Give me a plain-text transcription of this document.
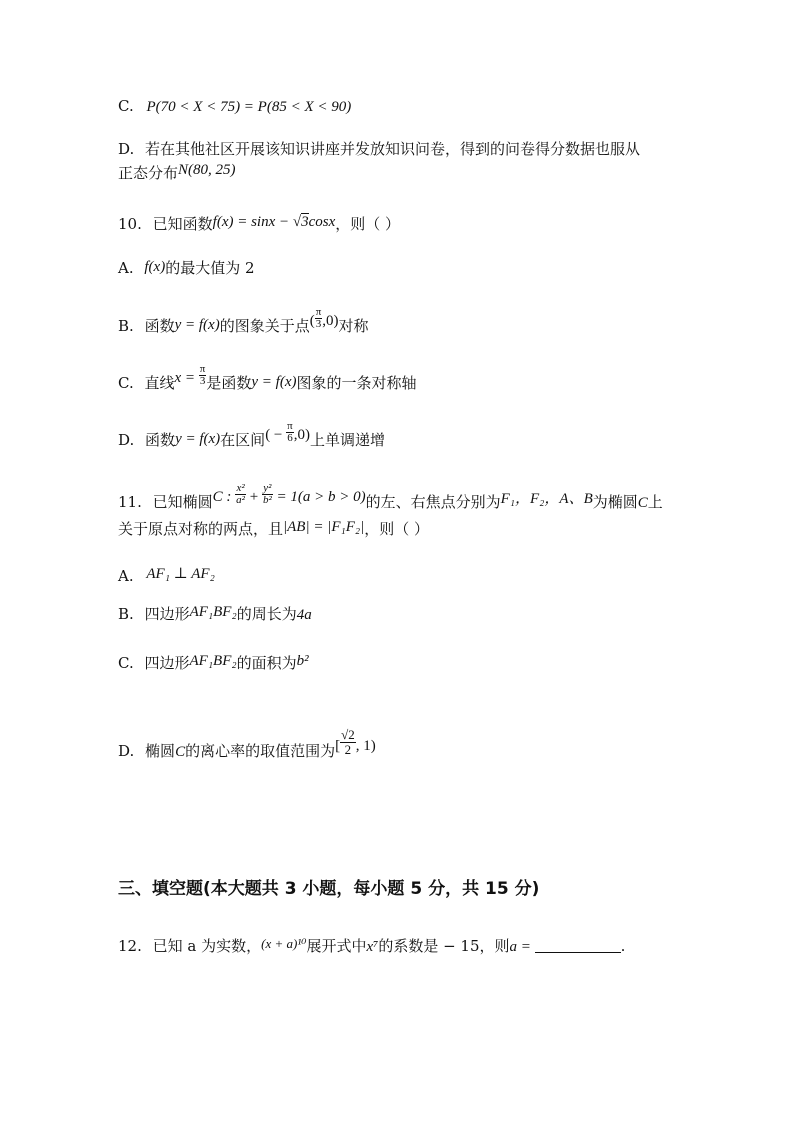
C. P(70 < X < 75) = P(85 < X < 90)
D. 若在其他社区开展该知识讲座并发放知识问卷，得到的问卷得分数据也服从
正态分布N(80, 25)
10. 已知函数f(x) = sinx − √3cosx，则（ ）
A. f(x)的最大值为 2
B. 函数y = f(x)的图象关于点( $\frac{\pi}{3} ,0$)对称
C. 直线$x = \frac{\pi}{3}$ 是函数y = f(x)图象的一条对称轴
D. 函数y = f(x)在区间( − $\frac{\pi}{6} ,0$)上单调递增
11. 已知椭圆C : $\frac{\text{x²}}{\text{a²}} + \frac{\text{y²}}{\text{b²}} = 1(a > b > 0)$的左、右焦点分别为F₁，F₂，A、B为椭圆C上
关于原点对称的两点，且|AB| = |F₁F₂|，则（ ）
A. AF₁ ⊥ AF₂
B. 四边形AF₁BF₂的周长为4a
C. 四边形AF₁BF₂的面积为b²
D. 椭圆C的离心率的取值范围为[ $\frac{√2}{2}$ , 1)
三、填空题(本大题共 3 小题，每小题 5 分，共 15 分)
12. 已知 a 为实数，(x + a)¹⁰展开式中x⁷的系数是 − 15，则a =	.
